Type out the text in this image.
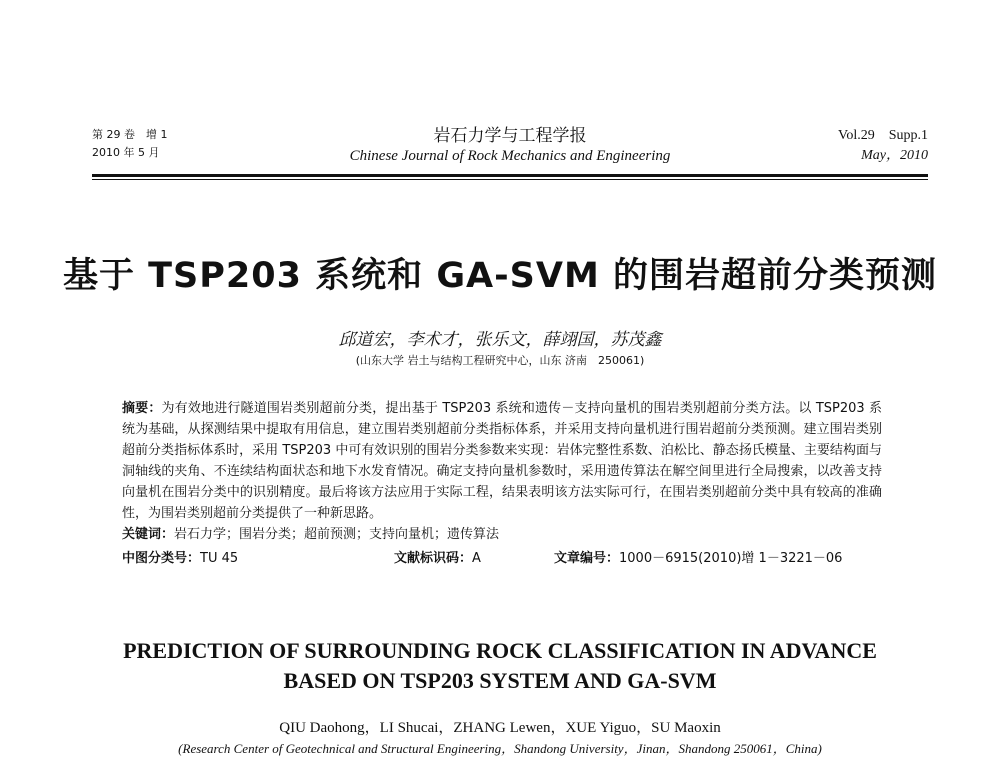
第 29 卷　增 1
2010 年 5 月
岩石力学与工程学报
Chinese Journal of Rock Mechanics and Engineering
Vol.29　Supp.1
May，2010
基于 TSP203 系统和 GA-SVM 的围岩超前分类预测
邱道宏，李术才，张乐文，薛翊国，苏茂鑫
(山东大学 岩土与结构工程研究中心，山东 济南　250061)

摘要：为有效地进行隧道围岩类别超前分类，提出基于 TSP203 系统和遗传－支持向量机的围岩类别超前分类方法。以 TSP203 系统为基础，从探测结果中提取有用信息，建立围岩类别超前分类指标体系，并采用支持向量机进行围岩超前分类预测。建立围岩类别超前分类指标体系时，采用 TSP203 中可有效识别的围岩分类参数来实现：岩体完整性系数、泊松比、静态扬氏模量、主要结构面与洞轴线的夹角、不连续结构面状态和地下水发育情况。确定支持向量机参数时，采用遗传算法在解空间里进行全局搜索，以改善支持向量机在围岩分类中的识别精度。最后将该方法应用于实际工程，结果表明该方法实际可行，在围岩类别超前分类中具有较高的准确性，为围岩类别超前分类提供了一种新思路。

关键词：岩石力学；围岩分类；超前预测；支持向量机；遗传算法

中图分类号：TU 45	文献标识码：A	文章编号：1000－6915(2010)增 1－3221－06
PREDICTION OF SURROUNDING ROCK CLASSIFICATION IN ADVANCE
BASED ON TSP203 SYSTEM AND GA-SVM
QIU Daohong，LI Shucai，ZHANG Lewen，XUE Yiguo，SU Maoxin
(Research Center of Geotechnical and Structural Engineering，Shandong University，Jinan，Shandong 250061，China)
